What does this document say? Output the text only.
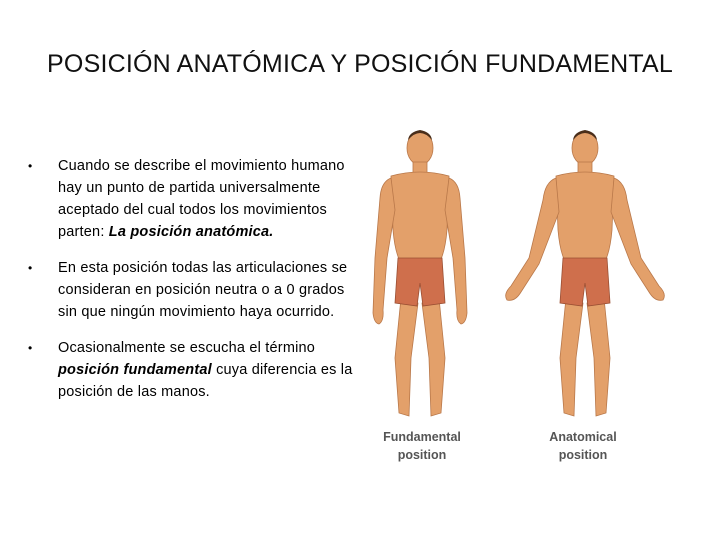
POSICIÓN ANATÓMICA Y POSICIÓN FUNDAMENTAL
• Cuando se describe el movimiento humano hay un punto de partida universalmente aceptado del cual todos los movimientos parten: La posición anatómica.
• En esta posición todas las articulaciones se consideran en posición neutra o a 0 grados sin que ningún movimiento haya ocurrido.
• Ocasionalmente se escucha el término posición fundamental cuya diferencia es la posición de las manos.
Fundamental
position
Anatomical
position
